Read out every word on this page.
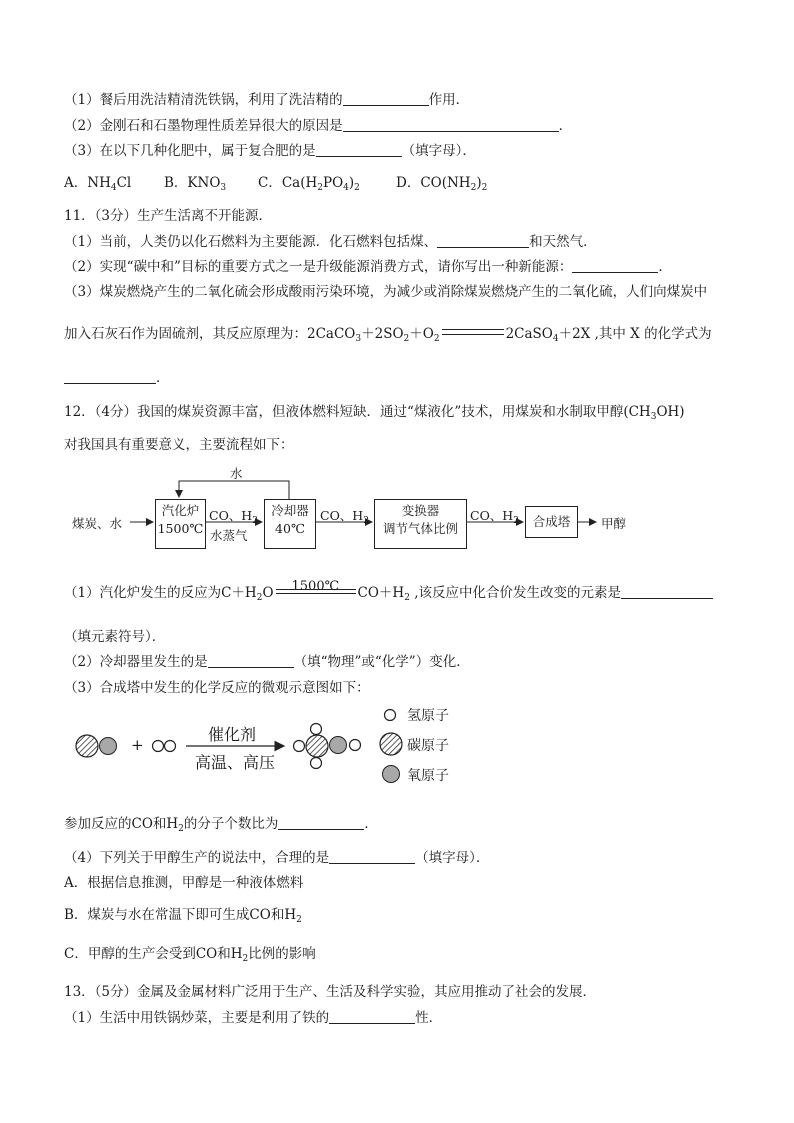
（1）餐后用洗洁精清洗铁锅，利用了洗洁精的	作用．
（2）金刚石和石墨物理性质差异很大的原因是	．
（3）在以下几种化肥中，属于复合肥的是	（填字母）．
A．$NH_4Cl$ B．$KNO_3$ C．$Ca(H_2PO_4)_2$	D．$CO(NH_2)_2$
11．（3分）生产生活离不开能源．
（1）当前，人类仍以化石燃料为主要能源．化石燃料包括煤、	和天然气．
（2）实现“碳中和”目标的重要方式之一是升级能源消费方式，请你写出一种新能源：	．
（3）煤炭燃烧产生的二氧化硫会形成酸雨污染环境，为减少或消除煤炭燃烧产生的二氧化硫，人们向煤炭中
加入石灰石作为固硫剂，其反应原理为：$2CaCO_3+2SO_2+O_2$	2CaSO$_4$＋2X ,其中 X 的化学式为
．
12．（4分）我国的煤炭资源丰富，但液体燃料短缺．通过“煤液化”技术，用煤炭和水制取甲醇$(CH_3OH)$
对我国具有重要意义，主要流程如下：
水
煤炭、水
汽化炉
1500℃
CO、$H_2$
水蒸气
冷却器
40℃
CO、$H_2$
变换器
调节气体比例
CO、$H_2$	合成塔	甲醇
（1）汽化炉发生的反应为$C+H_2O$ 1500℃ $CO+H_2$ ,该反应中化合价发生改变的元素是
（填元素符号）．
（2）冷却器里发生的是	（填“物理”或“化学”）变化．
（3）合成塔中发生的化学反应的微观示意图如下：
+
催化剂
高温、高压
氢原子
碳原子
氧原子
参加反应的CO和$H_2$的分子个数比为	．
（4）下列关于甲醇生产的说法中，合理的是	（填字母）．
A．根据信息推测，甲醇是一种液体燃料
B．煤炭与水在常温下即可生成CO和$H_2$
C．甲醇的生产会受到CO和$H_2$比例的影响
13．（5分）金属及金属材料广泛用于生产、生活及科学实验，其应用推动了社会的发展．
（1）生活中用铁锅炒菜，主要是利用了铁的	性．
